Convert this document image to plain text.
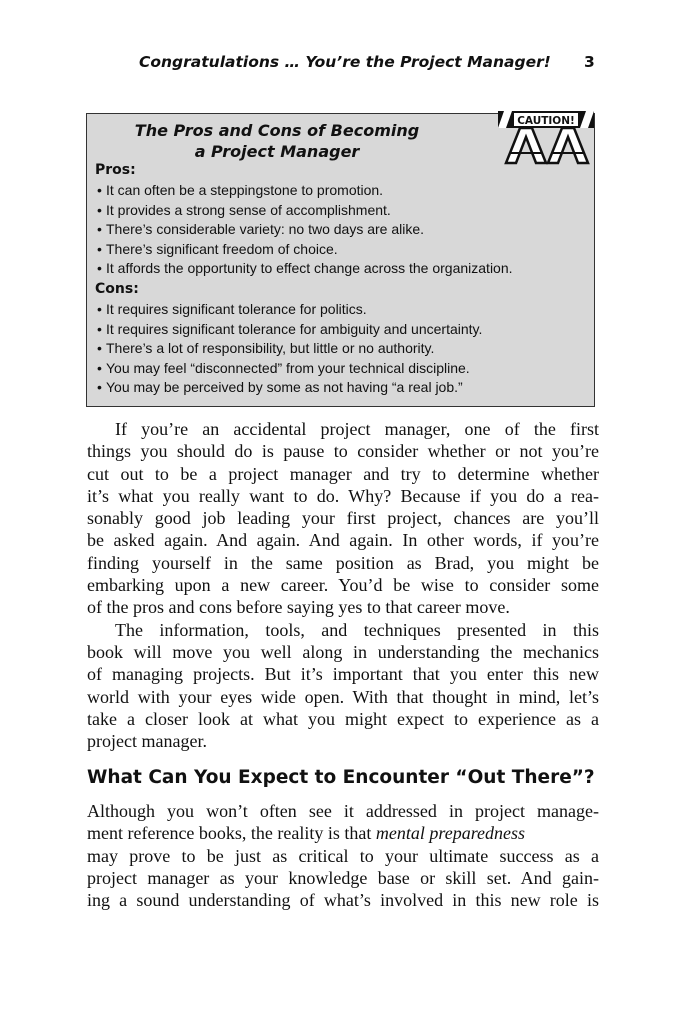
Congratulations … You’re the Project Manager! 3
The Pros and Cons of Becoming
a Project Manager
CAUTION!
Pros:
• It can often be a steppingstone to promotion.
• It provides a strong sense of accomplishment.
• There’s considerable variety: no two days are alike.
• There’s significant freedom of choice.
• It affords the opportunity to effect change across the organization.
Cons:
• It requires significant tolerance for politics.
• It requires significant tolerance for ambiguity and uncertainty.
• There’s a lot of responsibility, but little or no authority.
• You may feel “disconnected” from your technical discipline.
• You may be perceived by some as not having “a real job.”
If you’re an accidental project manager, one of the first
things you should do is pause to consider whether or not you’re
cut out to be a project manager and try to determine whether
it’s what you really want to do. Why? Because if you do a rea-
sonably good job leading your first project, chances are you’ll
be asked again. And again. And again. In other words, if you’re
finding yourself in the same position as Brad, you might be
embarking upon a new career. You’d be wise to consider some
of the pros and cons before saying yes to that career move.
The information, tools, and techniques presented in this
book will move you well along in understanding the mechanics
of managing projects. But it’s important that you enter this new
world with your eyes wide open. With that thought in mind, let’s
take a closer look at what you might expect to experience as a
project manager.
What Can You Expect to Encounter “Out There”?
Although you won’t often see it addressed in project manage-
ment reference books, the reality is that mental preparedness
may prove to be just as critical to your ultimate success as a
project manager as your knowledge base or skill set. And gain-
ing a sound understanding of what’s involved in this new role is
